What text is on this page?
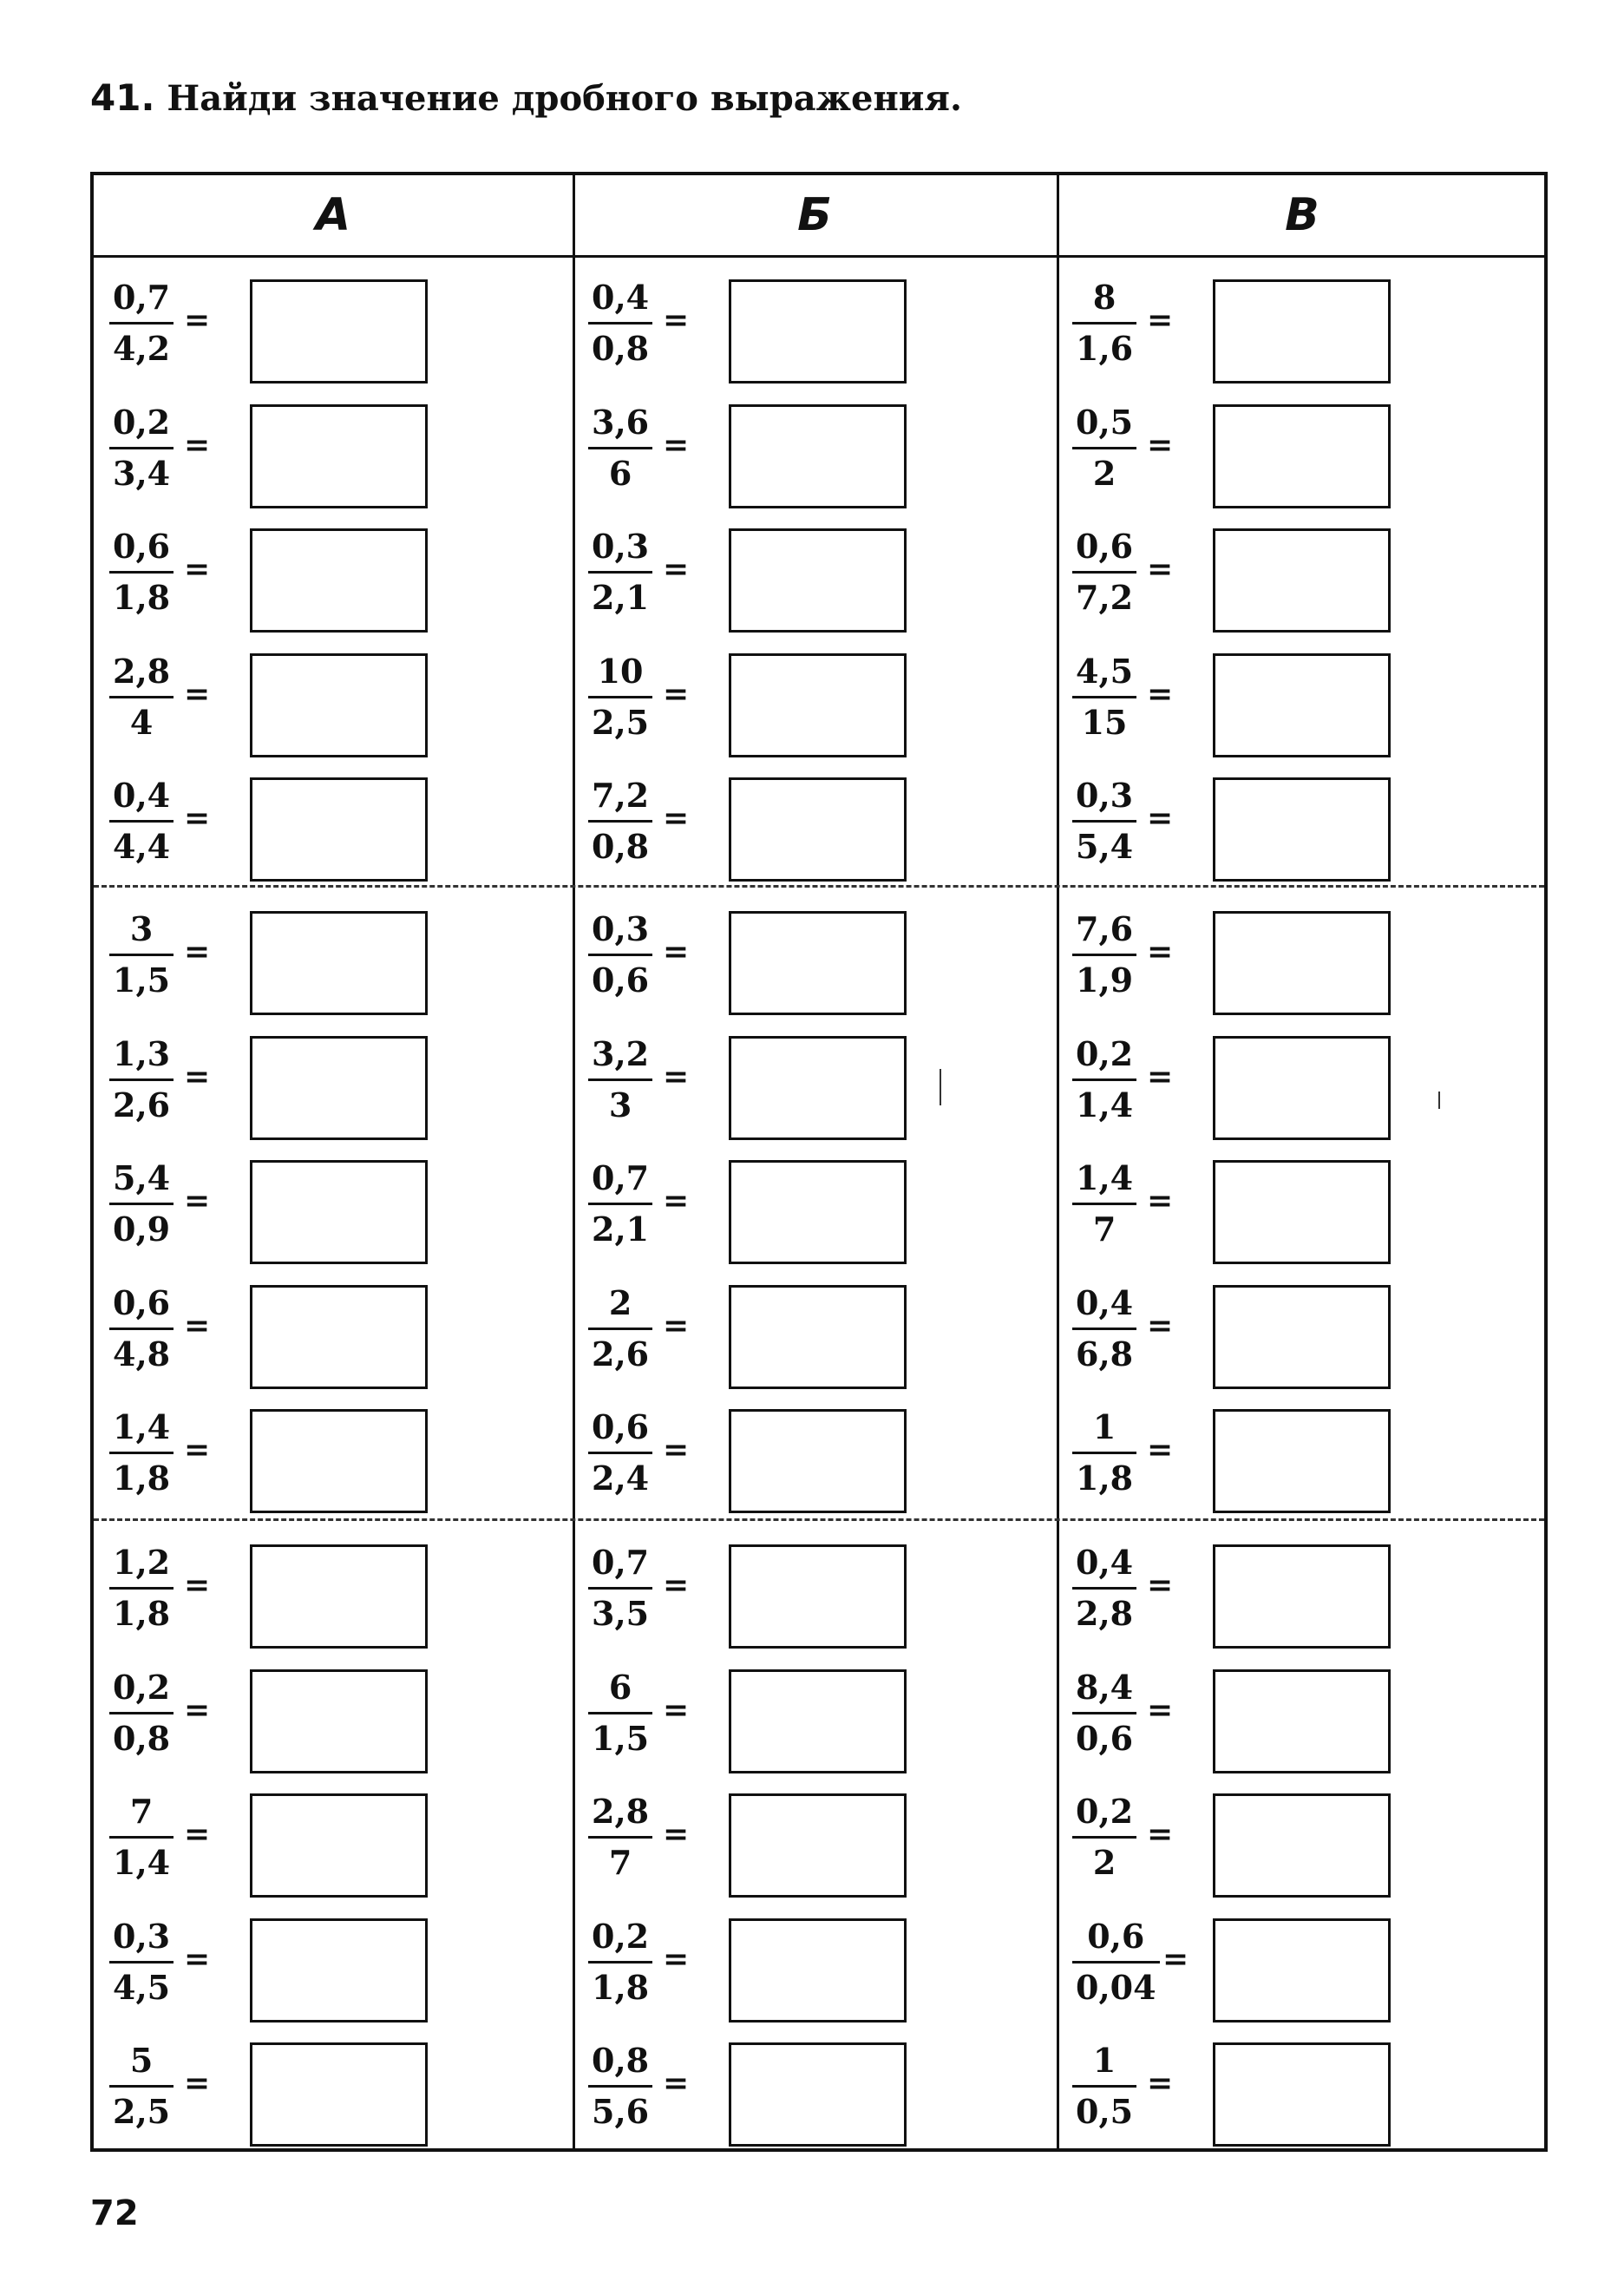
41. Найди значение дробного выражения.
А	Б	В
0,7
4,2
=
0,2
3,4
=
0,6
1,8
=
2,8
4
=
0,4
4,4
=
3
1,5
=
1,3
2,6
=
5,4
0,9
=
0,6
4,8
=
1,4
1,8
=
1,2
1,8
=
0,2
0,8
=
7
1,4
=
0,3
4,5
=
5
2,5
=
0,4
0,8
=
3,6
6
=
0,3
2,1
=
10
2,5
=
7,2
0,8
=
0,3
0,6
=
3,2
3
=
0,7
2,1
=
2
2,6
=
0,6
2,4
=
0,7
3,5
=
6
1,5
=
2,8
7
=
0,2
1,8
=
0,8
5,6
=
8
1,6
=
0,5
2
=
0,6
7,2
=
4,5
15
=
0,3
5,4
=
7,6
1,9
=
0,2
1,4
=
1,4
7
=
0,4
6,8
=
1
1,8
=
0,4
2,8
=
8,4
0,6
=
0,2
2
=
0,6
0,04
=
1
0,5
=
72
